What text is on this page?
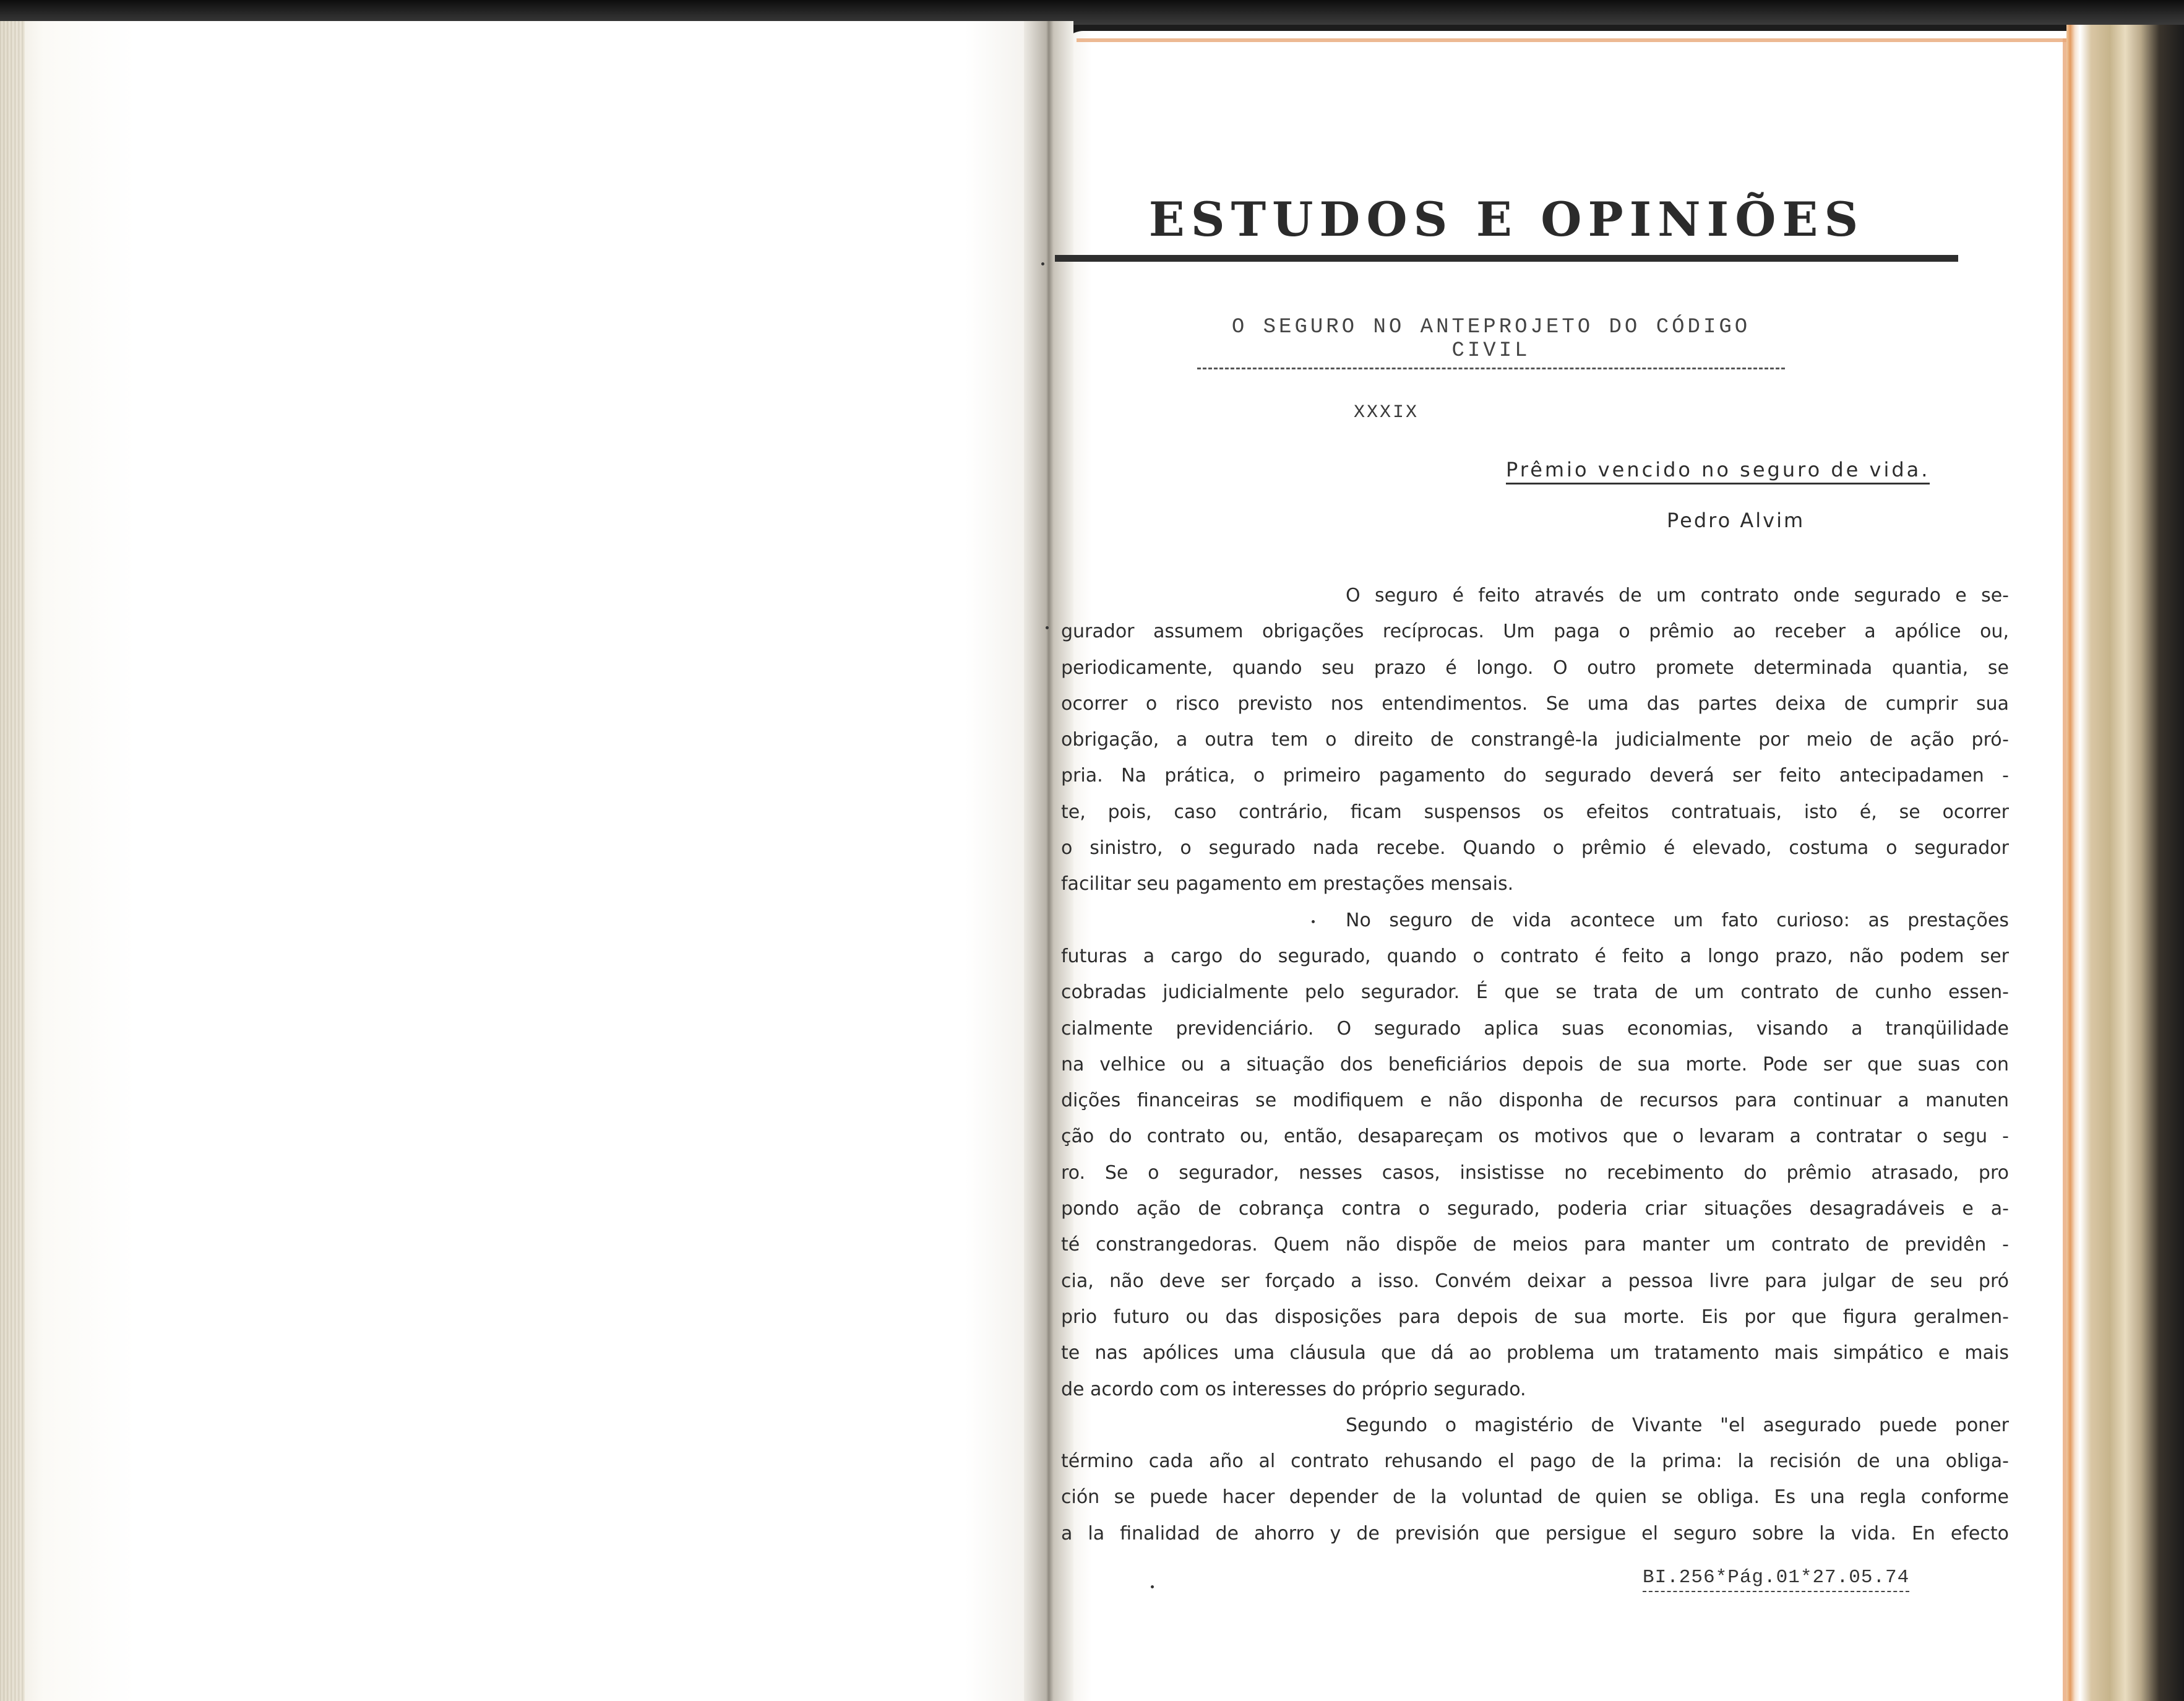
ESTUDOS E OPINIÕES
O SEGURO NO ANTEPROJETO DO CÓDIGO CIVIL
XXXIX
Prêmio vencido no seguro de vida.
Pedro Alvim
O seguro é feito através de um contrato onde segurado e se-
gurador assumem obrigações recíprocas. Um paga o prêmio ao receber a apólice ou,
periodicamente, quando seu prazo é longo. O outro promete determinada quantia, se
ocorrer o risco previsto nos entendimentos. Se uma das partes deixa de cumprir sua
obrigação, a outra tem o direito de constrangê-la judicialmente por meio de ação pró-
pria. Na prática, o primeiro pagamento do segurado deverá ser feito antecipadamen -
te, pois, caso contrário, ficam suspensos os efeitos contratuais, isto é, se ocorrer
o sinistro, o segurado nada recebe. Quando o prêmio é elevado, costuma o segurador
facilitar seu pagamento em prestações mensais.
No seguro de vida acontece um fato curioso: as prestações
futuras a cargo do segurado, quando o contrato é feito a longo prazo, não podem ser
cobradas judicialmente pelo segurador. É que se trata de um contrato de cunho essen-
cialmente previdenciário. O segurado aplica suas economias, visando a tranqüilidade
na velhice ou a situação dos beneficiários depois de sua morte. Pode ser que suas con
dições financeiras se modifiquem e não disponha de recursos para continuar a manuten
ção do contrato ou, então, desapareçam os motivos que o levaram a contratar o segu -
ro. Se o segurador, nesses casos, insistisse no recebimento do prêmio atrasado, pro
pondo ação de cobrança contra o segurado, poderia criar situações desagradáveis e a-
té constrangedoras. Quem não dispõe de meios para manter um contrato de previdên -
cia, não deve ser forçado a isso. Convém deixar a pessoa livre para julgar de seu pró
prio futuro ou das disposições para depois de sua morte. Eis por que figura geralmen-
te nas apólices uma cláusula que dá ao problema um tratamento mais simpático e mais
de acordo com os interesses do próprio segurado.
Segundo o magistério de Vivante "el asegurado puede poner
término cada año al contrato rehusando el pago de la prima: la recisión de una obliga-
ción se puede hacer depender de la voluntad de quien se obliga. Es una regla conforme
a la finalidad de ahorro y de previsión que persigue el seguro sobre la vida. En efecto
BI.256*Pág.01*27.05.74
